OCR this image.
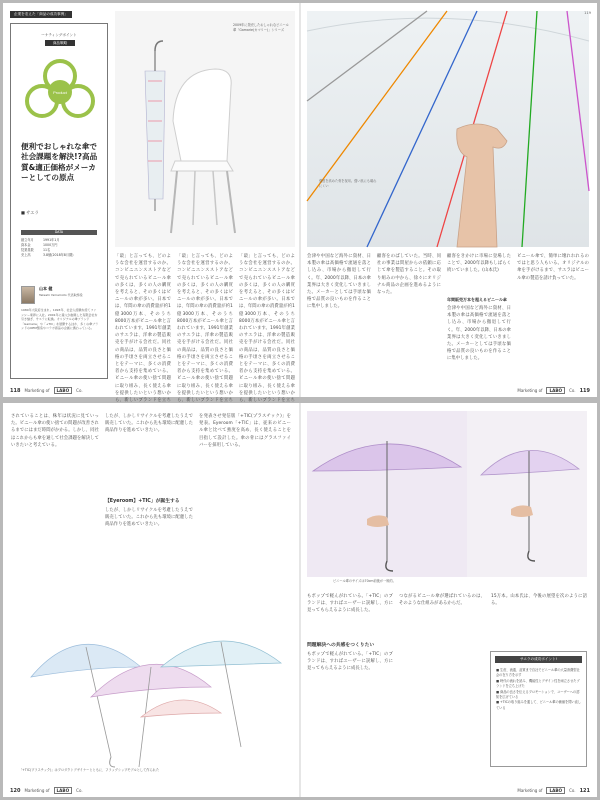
企業を変えた「商品の成功事例」
ーケティングポイント
商品戦略
Product
便利でおしゃれな傘で社会課題を解決!?高品質&適正価格がメーカーとしての原点
■ サエラ
DATA
創立年月	1991年1月
資本金	1000万円
従業員数	11名
売上高	3.8億(2018年8月期)
山本 健
Takeshi Yamamoto 代表取締役
1980年大阪府生まれ。1993年、社会人経験を経てファンシー業界に入社。2001年に義父が創業した有限会社を引き継ぎ、サエラに転換。オリジナルの傘ブランド「Gamarie」や「+TIC」を展開するほか、多くの傘ブランドのOEM製造やコラボ商品の企画に携わっている。
2009年に発売したおしゃれなビニール傘「Gamarie(カマリー)」シリーズ
「最」と言っても、どのような会社を運営するのか。コンビニエンスストアなどで売られているビニール傘の多くは、多くの人の購買を考えると、その多くはビニールの傘が多い。日本では、年間の傘の消費量が約1億3000万本、そのうち8000万本がビニール傘と言われています。1991年創業のサエラは、洋傘の製造販売を手がける会社だ。同社の商品は、品質の良さと価格の手頃さを両立させることをテーマに、多くの消費者から支持を集めている。ビニール傘の使い捨て問題に取り組み、長く使える傘を提供したいという想いから、新しいブランドを立ち
「最」と言っても、どのような会社を運営するのか。コンビニエンスストアなどで売られているビニール傘の多くは、多くの人の購買を考えると、その多くはビニールの傘が多い。日本では、年間の傘の消費量が約1億3000万本、そのうち8000万本がビニール傘と言われています。1991年創業のサエラは、洋傘の製造販売を手がける会社だ。同社の商品は、品質の良さと価格の手頃さを両立させることをテーマに、多くの消費者から支持を集めている。ビニール傘の使い捨て問題に取り組み、長く使える傘を提供したいという想いから、新しいブランドを立ち
「最」と言っても、どのような会社を運営するのか。コンビニエンスストアなどで売られているビニール傘の多くは、多くの人の購買を考えると、その多くはビニールの傘が多い。日本では、年間の傘の消費量が約1億3000万本、そのうち8000万本がビニール傘と言われています。1991年創業のサエラは、洋傘の製造販売を手がける会社だ。同社の商品は、品質の良さと価格の手頃さを両立させることをテーマに、多くの消費者から支持を集めている。ビニール傘の使い捨て問題に取り組み、長く使える傘を提供したいという想いから、新しいブランドを立ち
118 Marketing of	LABO	Co.
強度を高めた骨を採用。強い風にも壊れにくい
会津や中国など海外に資材、日本製の傘は高価格で流通を落とし込み、市場から撤退して行く。年、2000年以降、日本の傘業界は大きく変化していきました。メーカーとしては手頃な価格で品質の良いものを作ることに集中しました。
顧客をのばしていた。当時、同社の事業は問屋からの依頼に応じて傘を製造すること。その取り組みの中から、徐々にオリジナル商品の企画を進めるようになった。
顧客をきかけに市場に登場したことで、2000年以降もしばらく続いていました。(山本氏)
年間販売万本を超えるビニール傘
会津や中国など海外に資材、日本製の傘は高価格で流通を落とし込み、市場から撤退して行く。年、2000年以降、日本の傘業界は大きく変化していきました。メーカーとしては手頃な価格で品質の良いものを作ることに集中しました。
ビニール傘で、簡単に壊れれれるのではと思う人もいる。オリジナルの傘を手がけるまで、サエラはビニール傘の製造を請け負っていた。
119
Marketing of	LABO	Co. 119
されていることは、株年は状況に見ていった。ビニール傘の使い捨ての問題が改善されるまでにはまだ時間がかかる。しかし、同社はこれからも傘を通して社会課題を解決していきたいと考えている。
したが、しかしリサイクルを考慮したうえで販売していた。これから先も環境に配慮した商品作りを進めていきたい。
【Eyeroom】+TIC」が誕生する
したが、しかしリサイクルを考慮したうえで販売していた。これから先も環境に配慮した商品作りを進めていきたい。
を発表させ発信版「+TIC(プラスチック)」を発表。Eyeroom「+TIC」は、従来のビニール傘と比べて強度を高め、長く使えることを目指して設計した。傘の骨にはグラスファイバーを採用している。
「+TIC(プラスチック)」はプロダクトデザイナーとともに、フラッグシップモデルとして作られた
120 Marketing of	LABO	Co.
ビニール傘のサイズは70cm前後が一般的。
もポップで軽んがれている。「+TIC」のブランドは、すればユーザーに誤解し、方に見ってもらえるように成長した。
問題解決への共感をつくりたい
もポップで軽んがれている。「+TIC」のブランドは、すればユーザーに誤解し、方に見ってもらえるように成長した。
つながるビニール傘が選ばれているのは、そのような仕組みがあるからだ。
15万本。山本氏は、今後の展望を次のように語る。
サエラの成功ポイント!
■ 生産、流通、品質まで自社でビニール傘の大量消費型社会の在り方を示す
■ 時代の流れを読み、機能性とデザイン性を両立させたブランドを立ち上げた
■ 商品の良さを伝えるプロモーションで、ユーザーへの認知を広げている
■ +TICの取り組みを通して、ビニール傘の価値を問い直している
Marketing of	LABO	Co. 121
